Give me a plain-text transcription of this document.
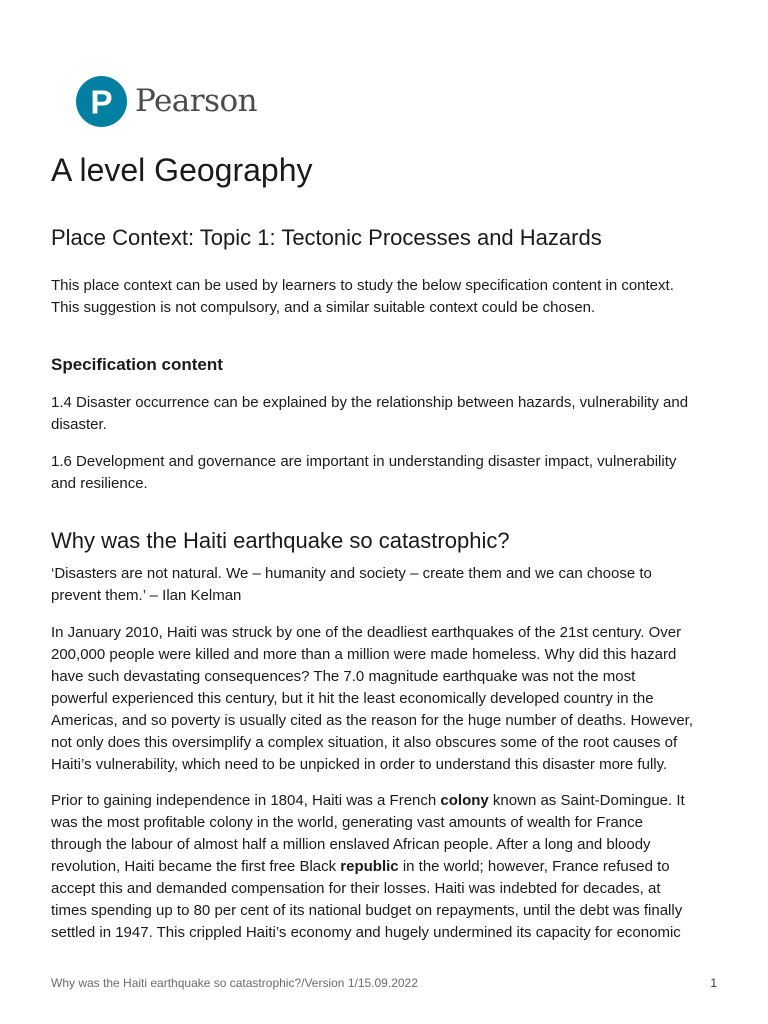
P Pearson
A level Geography
Place Context: Topic 1: Tectonic Processes and Hazards

This place context can be used by learners to study the below specification content in context.
This suggestion is not compulsory, and a similar suitable context could be chosen.

Specification content

1.4 Disaster occurrence can be explained by the relationship between hazards, vulnerability and
disaster.

1.6 Development and governance are important in understanding disaster impact, vulnerability
and resilience.

Why was the Haiti earthquake so catastrophic?

‘Disasters are not natural. We – humanity and society – create them and we can choose to
prevent them.’ – Ilan Kelman

In January 2010, Haiti was struck by one of the deadliest earthquakes of the 21st century. Over
200,000 people were killed and more than a million were made homeless. Why did this hazard
have such devastating consequences? The 7.0 magnitude earthquake was not the most
powerful experienced this century, but it hit the least economically developed country in the
Americas, and so poverty is usually cited as the reason for the huge number of deaths. However,
not only does this oversimplify a complex situation, it also obscures some of the root causes of
Haiti’s vulnerability, which need to be unpicked in order to understand this disaster more fully.

Prior to gaining independence in 1804, Haiti was a French colony known as Saint-Domingue. It
was the most profitable colony in the world, generating vast amounts of wealth for France
through the labour of almost half a million enslaved African people. After a long and bloody
revolution, Haiti became the first free Black republic in the world; however, France refused to
accept this and demanded compensation for their losses. Haiti was indebted for decades, at
times spending up to 80 per cent of its national budget on repayments, until the debt was finally
settled in 1947. This crippled Haiti’s economy and hugely undermined its capacity for economic

Why was the Haiti earthquake so catastrophic?/Version 1/15.09.2022	1
